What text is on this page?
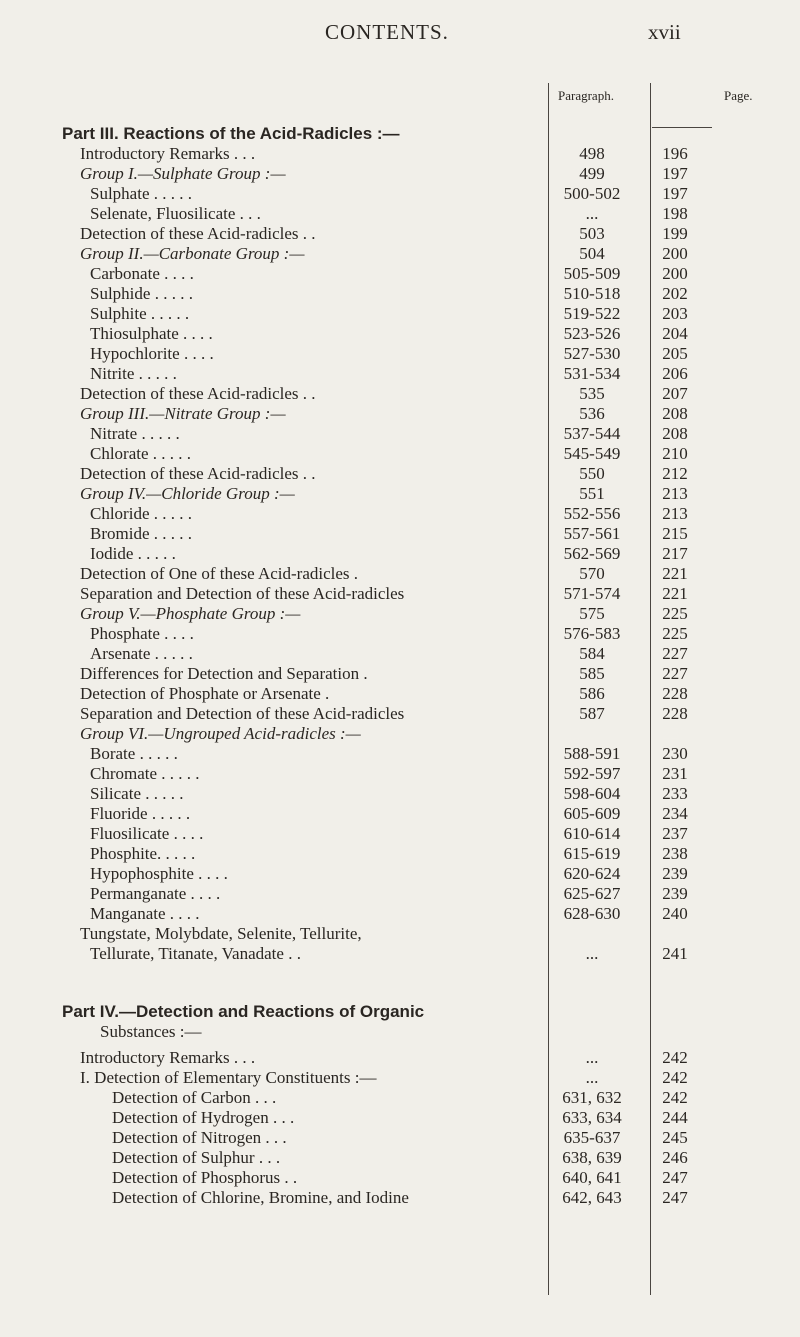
CONTENTS.	xvii
Paragraph.	Page.
Part III. Reactions of the Acid-Radicles :—
Introductory Remarks . . .	498	196
Group I.—Sulphate Group :—	499	197
Sulphate . . . . .	500-502	197
Selenate, Fluosilicate . . .	...	198
Detection of these Acid-radicles . .	503	199
Group II.—Carbonate Group :—	504	200
Carbonate . . . .	505-509	200
Sulphide . . . . .	510-518	202
Sulphite . . . . .	519-522	203
Thiosulphate . . . .	523-526	204
Hypochlorite . . . .	527-530	205
Nitrite . . . . .	531-534	206
Detection of these Acid-radicles . .	535	207
Group III.—Nitrate Group :—	536	208
Nitrate . . . . .	537-544	208
Chlorate . . . . .	545-549	210
Detection of these Acid-radicles . .	550	212
Group IV.—Chloride Group :—	551	213
Chloride . . . . .	552-556	213
Bromide . . . . .	557-561	215
Iodide . . . . .	562-569	217
Detection of One of these Acid-radicles .	570	221
Separation and Detection of these Acid-radicles	571-574	221
Group V.—Phosphate Group :—	575	225
Phosphate . . . .	576-583	225
Arsenate . . . . .	584	227
Differences for Detection and Separation .	585	227
Detection of Phosphate or Arsenate .	586	228
Separation and Detection of these Acid-radicles	587	228
Group VI.—Ungrouped Acid-radicles :—
Borate . . . . .	588-591	230
Chromate . . . . .	592-597	231
Silicate . . . . .	598-604	233
Fluoride . . . . .	605-609	234
Fluosilicate . . . .	610-614	237
Phosphite. . . . .	615-619	238
Hypophosphite . . . .	620-624	239
Permanganate . . . .	625-627	239
Manganate . . . .	628-630	240
Tungstate, Molybdate, Selenite, Tellurite,
Tellurate, Titanate, Vanadate . .	...	241
Part IV.—Detection and Reactions of Organic
Substances :—
Introductory Remarks . . .	...	242
I. Detection of Elementary Constituents :—	...	242
Detection of Carbon . . .	631, 632	242
Detection of Hydrogen . . .	633, 634	244
Detection of Nitrogen . . .	635-637	245
Detection of Sulphur . . .	638, 639	246
Detection of Phosphorus . .	640, 641	247
Detection of Chlorine, Bromine, and Iodine	642, 643	247
